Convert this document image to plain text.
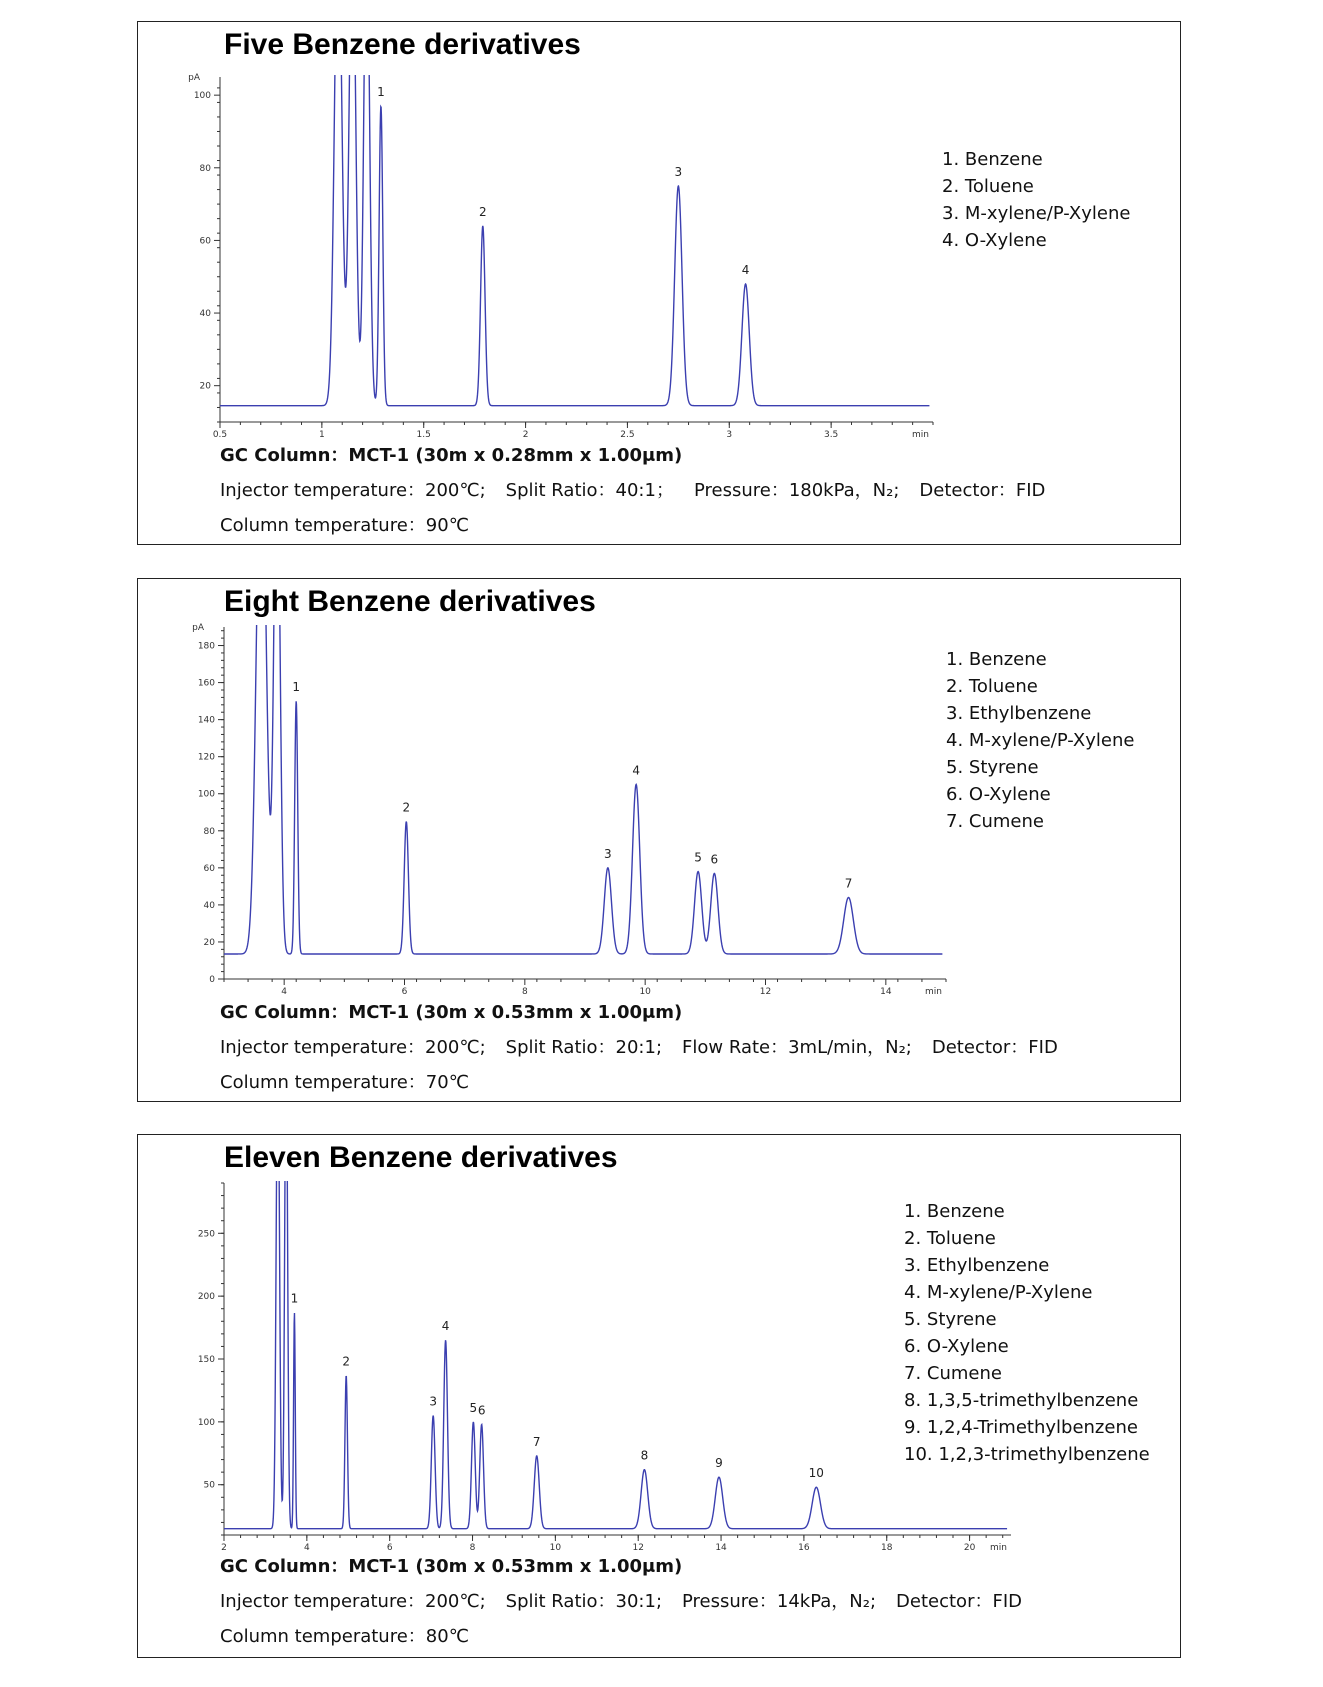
Five Benzene derivatives
20
40
60
80
100
pA
0.5	1	1.5	2	2.5	3	3.5	min
1
2
3
4
1. Benzene
2. Toluene
3. M-xylene/P-Xylene
4. O-Xylene
GC Column：MCT-1 (30m x 0.28mm x 1.00μm)
Injector temperature：200℃; Split Ratio：40:1； Pressure：180kPa，N₂; Detector：FID
Column temperature：90℃
Eight Benzene derivatives
0
20
40
60
80
100
120
140
160
180
pA
4	6	8	10	12	14	min
1
2
3
4
5 6
7
1. Benzene
2. Toluene
3. Ethylbenzene
4. M-xylene/P-Xylene
5. Styrene
6. O-Xylene
7. Cumene
GC Column：MCT-1 (30m x 0.53mm x 1.00μm)
Injector temperature：200℃; Split Ratio：20:1; Flow Rate：3mL/min，N₂; Detector：FID
Column temperature：70℃
Eleven Benzene derivatives
50
100
150
200
250
2	4	6	8	10	12	14	16	18	20 min
1
2
3
4
5 6
7
8
9
10
1. Benzene
2. Toluene
3. Ethylbenzene
4. M-xylene/P-Xylene
5. Styrene
6. O-Xylene
7. Cumene
8. 1,3,5-trimethylbenzene
9. 1,2,4-Trimethylbenzene
10. 1,2,3-trimethylbenzene
GC Column：MCT-1 (30m x 0.53mm x 1.00μm)
Injector temperature：200℃; Split Ratio：30:1; Pressure：14kPa，N₂; Detector：FID
Column temperature：80℃
